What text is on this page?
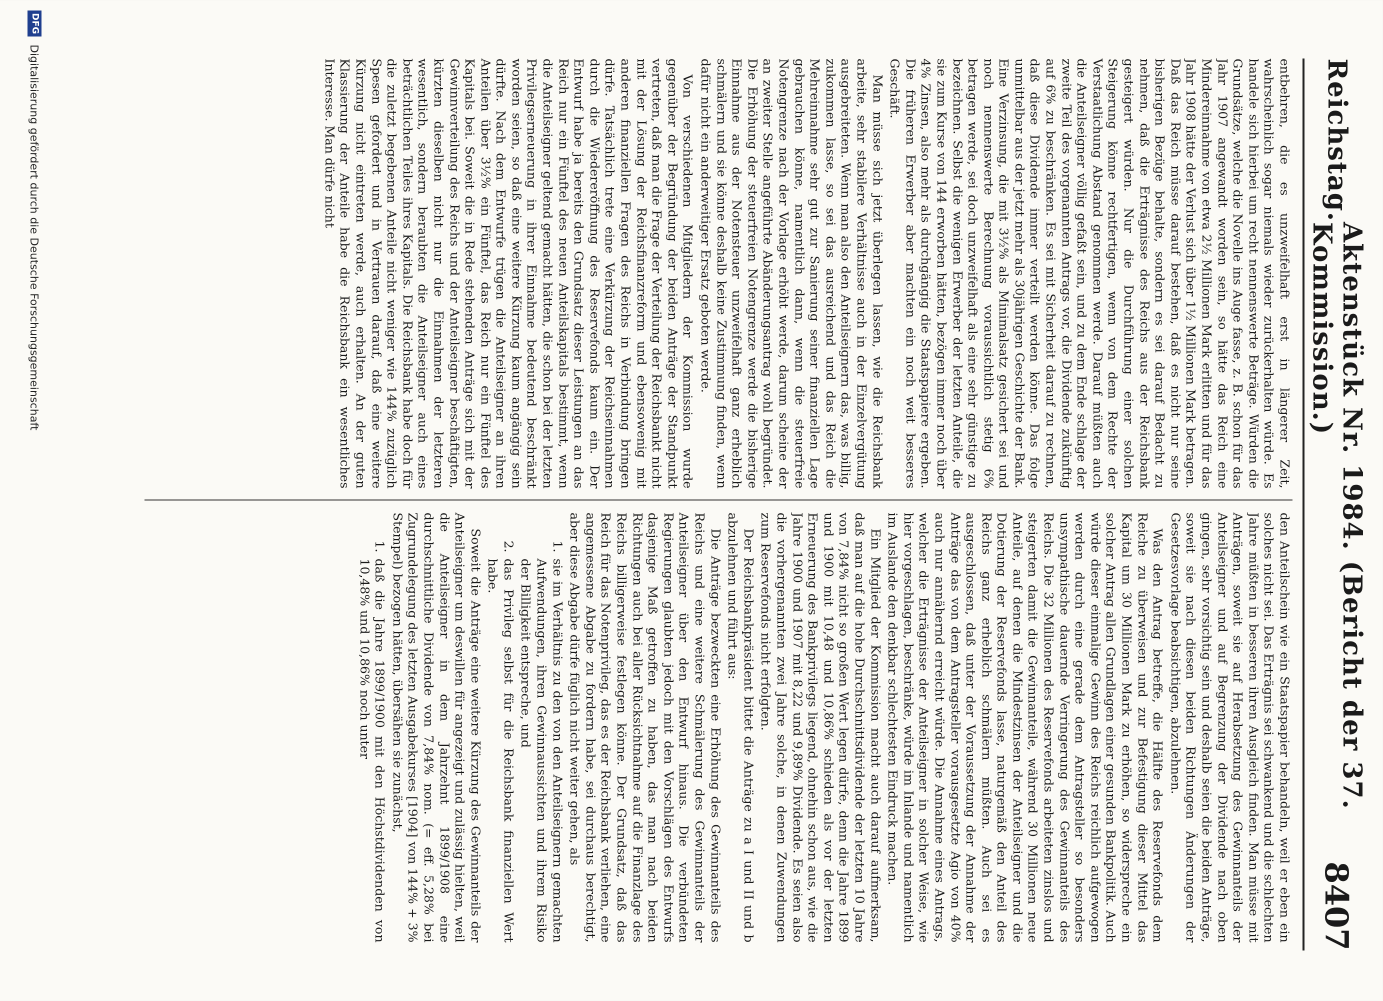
Reichstag.
Aktenstück Nr. 1984. (Bericht der 37. Kommission.)
8407

entbehren, die es unzweifelhaft erst in längerer Zeit, wahrscheinlich sogar niemals wieder zurückerhalten würde. Es handele sich hierbei um recht nennenswerte Beträge. Würden die Grundsätze, welche die Novelle ins Auge fasse, z. B. schon für das Jahr 1907 angewandt worden sein, so hätte das Reich eine Mindereinnahme von etwa 2½ Millionen Mark erlitten und für das Jahr 1908 hätte der Verlust sich über 1½ Millionen Mark betragen. Daß das Reich müsse darauf bestehen, daß es nicht nur seine bisherigen Bezüge behalte, sondern es sei darauf Bedacht zu nehmen, daß die Erträgnisse des Reichs aus der Reichsbank gesteigert würden. Nur die Durchführung einer solchen Steigerung könne rechtfertigen, wenn von dem Rechte der Verstaatlichung Abstand genommen werde. Darauf müßten auch die Anteilseigner völlig gefaßt sein, und zu dem Ende schlage der zweite Teil des vorgenannten Antrags vor, die Dividende zukünftig auf 6% zu beschränken. Es sei mit Sicherheit darauf zu rechnen, daß diese Dividende immer verteilt werden könne. Das folge unmittelbar aus der jetzt mehr als 30jährigen Geschichte der Bank. Eine Verzinsung, die mit 3½% als Minimalsatz gesichert sei und noch nennenswerte Berechnung voraussichtlich stetig 6% betragen werde, sei doch unzweifelhaft als eine sehr günstige zu bezeichnen. Selbst die wenigen Erwerber der letzten Anteile, die sie zum Kurse von 144 erworben hätten, bezögen immer noch über 4% Zinsen, also mehr als durchgängig die Staatspapiere ergeben. Die früheren Erwerber aber machten ein noch weit besseres Geschäft.

Man müsse sich jetzt überlegen lassen, wie die Reichsbank arbeite, sehr stabilere Verhältnisse auch in der Einzelvergütung ausgebreiteten. Wenn man also den Anteilseignern das, was billig, zukommen lasse, so sei das ausreichend und das Reich die Mehreinnahme sehr gut zur Sanierung seiner finanziellen Lage gebrauchen könne, namentlich dann, wenn die steuerfreie Notengrenze nach der Vorlage erhöht werde, darum scheine der an zweiter Stelle angeführte Abänderungsantrag wohl begründet. Die Erhöhung der steuerfreien Notengrenze werde die bisherige Einnahme aus der Notensteuer unzweifelhaft ganz erheblich schmälern und sie könne deshalb keine Zustimmung finden, wenn dafür nicht ein anderweitiger Ersatz geboten werde.

Von verschiedenen Mitgliedern der Kommission wurde gegenüber der Begründung der beiden Anträge der Standpunkt vertreten, daß man die Frage der Verteilung der Reichsbankt nicht mit der Lösung der Reichsfinanzreform und ebensowenig mit anderen finanziellen Fragen des Reichs in Verbindung bringen dürfe. Tatsächlich trete eine Verkürzung der Reichseinnahmen durch die Wiedereröffnung des Reservefonds kaum ein. Der Entwurf habe ja bereits den Grundsatz dieser Leistungen an das Reich nur ein Fünftel des neuen Anteilskapitals bestimmt, wenn die Anteilseigner geltend gemacht hätten, die schon bei der letzten Privilegserneuerung in ihrer Einnahme bedeutend beschränkt worden seien, so daß eine weitere Kürzung kaum angängig sein dürfte. Nach dem Entwurfe trügen die Anteilseigner an ihren Anteilen über 3½% ein Fünftel, das Reich nur ein Fünftel des Kapitals bei. Soweit die in Rede stehenden Anträge sich mit der Gewinnverteilung des Reichs und der Anteilseigner beschäftigten, kürzten dieselben nicht nur die Einnahmen der letzteren wesentlich, sondern beraubten die Anteilseigner auch eines beträchtlichen Teiles ihres Kapitals. Die Reichsbank habe doch für die zuletzt begebenen Anteile nicht weniger wie 144% zuzüglich Spesen gefordert und in Vertrauen darauf, daß eine weitere Kürzung nicht eintreten werde, auch erhalten. An der guten Klassierung der Anteile habe die Reichsbank ein wesentliches Interesse. Man dürfe nicht

den Anteilschein wie ein Staatspapier behandeln, weil er eben ein solches nicht sei. Das Erträgnis sei schwankend und die schlechten Jahre müßten in besseren ihren Ausgleich finden. Man müsse mit Anträgen, soweit sie auf Herabsetzung des Gewinnanteils der Anteilseigner und auf Begrenzung der Dividende nach oben gingen, sehr vorsichtig sein und deshalb seien die beiden Anträge, soweit sie nach diesen beiden Richtungen Änderungen der Gesetzesvorlage beabsichtigen, abzulehnen.

Was den Antrag betreffe, die Hälfte des Reservefonds dem Reiche zu überweisen und zur Befestigung dieser Mittel das Kapital um 30 Millionen Mark zu erhöhen, so widerspreche ein solcher Antrag allen Grundlagen einer gesunden Bankpolitik. Auch würde dieser einmalige Gewinn des Reichs reichlich aufgewogen werden durch eine gerade dem Antragsteller so besonders unsympathische dauernde Verringerung des Gewinnanteils des Reichs. Die 32 Millionen des Reservefonds arbeiteten zinslos und steigerten damit die Gewinnanteile, während 30 Millionen neue Anteile, auf denen die Mindestzinsen der Anteilseigner und die Dotierung der Reservefonds lasse, naturgemäß den Anteil des Reichs ganz erheblich schmälern müßten. Auch sei es ausgeschlossen, daß unter der Voraussetzung der Annahme der Anträge das von dem Antragsteller vorausgesetzte Agio von 40% auch nur annähernd erreicht würde. Die Annahme eines Antrags, welcher die Erträgnisse der Anteilseigner in solcher Weise, wie hier vorgeschlagen, beschränke, würde im Inlande und namentlich im Auslande den denkbar schlechtesten Eindruck machen.

Ein Mitglied der Kommission macht auch darauf aufmerksam, daß man auf die hohe Durchschnittsdividende der letzten 10 Jahre von 7,84% nicht so großen Wert legen dürfe, denn die Jahre 1899 und 1900 mit 10,48 und 10,86% schieden als vor der letzten Erneuerung des Bankprivilegs liegend, ohnehin schon aus, wie die Jahre 1900 und 1907 mit 8,22 und 9,89% Dividende. Es seien also die vorhergenannten zwei Jahre solche, in denen Zuwendungen zum Reservefonds nicht erfolgten.

Der Reichsbankpräsident bittet die Anträge zu a I und II und b abzulehnen und führt aus:

Die Anträge bezweckten eine Erhöhung des Gewinnanteils des Reichs und eine weitere Schmälerung des Gewinnanteils der Anteilseigner über den Entwurf hinaus. Die verbündeten Regierungen glaubten jedoch mit den Vorschlägen des Entwurfs dasjenige Maß getroffen zu haben, das man nach beiden Richtungen auch bei aller Rücksichtnahme auf die Finanzlage des Reichs billigerweise festlegen könne. Der Grundsatz, daß das Reich für das Notenprivileg, das es der Reichsbank verliehen, eine angemessene Abgabe zu fordern habe, sei durchaus berechtigt, aber diese Abgabe dürfe füglich nicht weiter gehen, als

1.
sie im Verhältnis zu den von den Anteilseignern gemachten Aufwendungen, ihren Gewinnaussichten und ihrem Risiko der Billigkeit entspreche, und
2.
das Privileg selbst für die Reichsbank finanziellen Wert habe.

Soweit die Anträge eine weitere Kürzung des Gewinnanteils der Anteilseigner um deswillen für angezeigt und zulässig hielten, weil die Anteilseigner in dem Jahrzehnt 1899/1908 eine durchschnittliche Dividende von 7,84% nom. (= eff. 5,28% bei Zugrundelegung des letzten Ausgabekurses [1904] von 144% + 3% Stempel) bezogen hätten, übersähen sie zunächst,

1.
daß die Jahre 1899/1900 mit den Höchstdividenden von 10,48% und 10,86% noch unter
DFG
Digitalisierung gefördert durch die Deutsche Forschungsgemeinschaft
